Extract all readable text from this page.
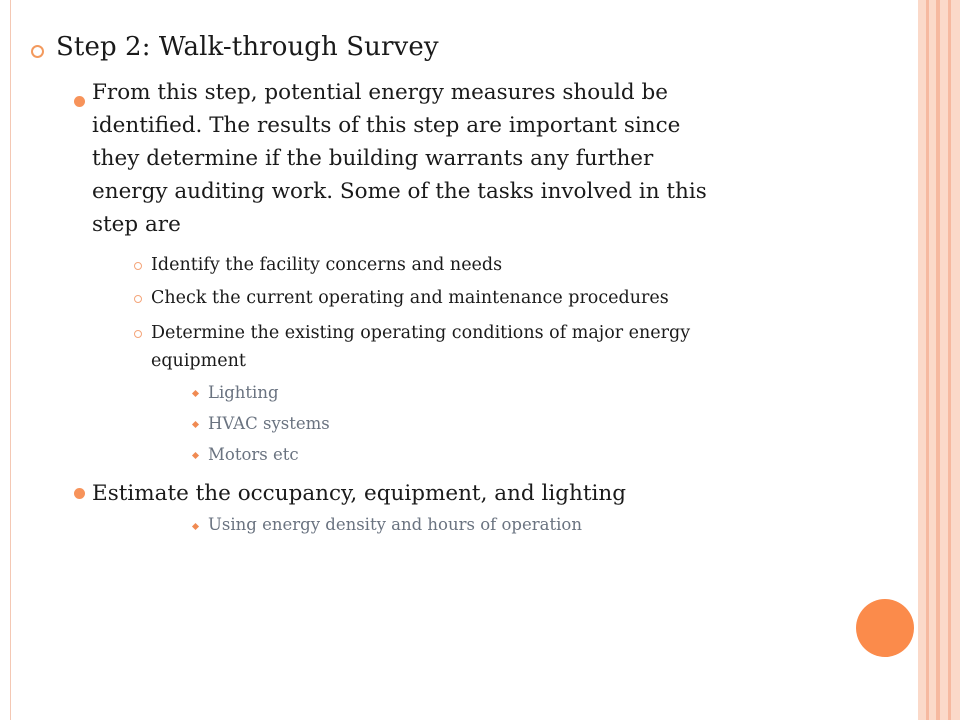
Step 2: Walk-through Survey
From this step, potential energy measures should be
identified. The results of this step are important since
they determine if the building warrants any further
energy auditing work. Some of the tasks involved in this
step are
Identify the facility concerns and needs
Check the current operating and maintenance procedures
Determine the existing operating conditions of major energy
equipment
Lighting
HVAC systems
Motors etc
Estimate the occupancy, equipment, and lighting
Using energy density and hours of operation
